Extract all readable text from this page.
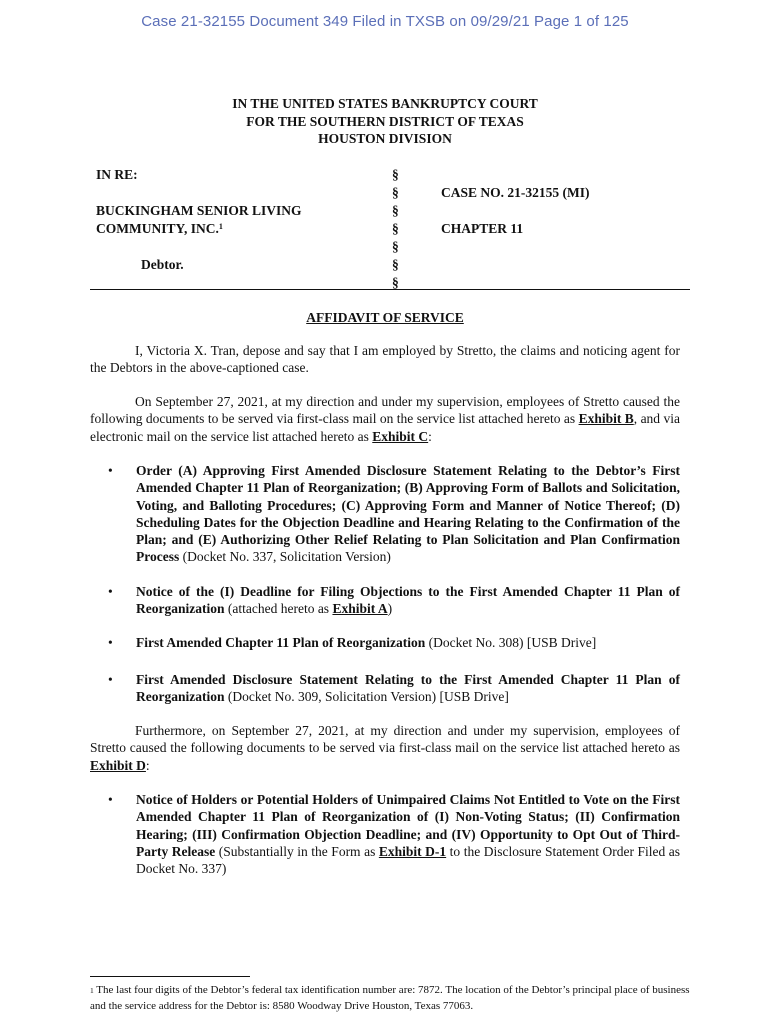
Case 21-32155 Document 349 Filed in TXSB on 09/29/21 Page 1 of 125
IN THE UNITED STATES BANKRUPTCY COURT
FOR THE SOUTHERN DISTRICT OF TEXAS
HOUSTON DIVISION
IN RE:
BUCKINGHAM SENIOR LIVING
COMMUNITY, INC.$^1$
Debtor.
§
§
§
§
§
§
§
CASE NO. 21-32155 (MI)
CHAPTER 11
AFFIDAVIT OF SERVICE
I, Victoria X. Tran, depose and say that I am employed by Stretto, the claims and noticing agent for the Debtors in the above-captioned case.
On September 27, 2021, at my direction and under my supervision, employees of Stretto caused the following documents to be served via first-class mail on the service list attached hereto as Exhibit B, and via electronic mail on the service list attached hereto as Exhibit C:
• Order (A) Approving First Amended Disclosure Statement Relating to the Debtor’s First Amended Chapter 11 Plan of Reorganization; (B) Approving Form of Ballots and Solicitation, Voting, and Balloting Procedures; (C) Approving Form and Manner of Notice Thereof; (D) Scheduling Dates for the Objection Deadline and Hearing Relating to the Confirmation of the Plan; and (E) Authorizing Other Relief Relating to Plan Solicitation and Plan Confirmation Process (Docket No. 337, Solicitation Version)
• Notice of the (I) Deadline for Filing Objections to the First Amended Chapter 11 Plan of Reorganization (attached hereto as Exhibit A)
• First Amended Chapter 11 Plan of Reorganization (Docket No. 308) [USB Drive]
• First Amended Disclosure Statement Relating to the First Amended Chapter 11 Plan of Reorganization (Docket No. 309, Solicitation Version) [USB Drive]
Furthermore, on September 27, 2021, at my direction and under my supervision, employees of Stretto caused the following documents to be served via first-class mail on the service list attached hereto as Exhibit D:
• Notice of Holders or Potential Holders of Unimpaired Claims Not Entitled to Vote on the First Amended Chapter 11 Plan of Reorganization of (I) Non-Voting Status; (II) Confirmation Hearing; (III) Confirmation Objection Deadline; and (IV) Opportunity to Opt Out of Third-Party Release (Substantially in the Form as Exhibit D-1 to the Disclosure Statement Order Filed as Docket No. 337)
$^1$ The last four digits of the Debtor’s federal tax identification number are: 7872. The location of the Debtor’s principal place of business and the service address for the Debtor is: 8580 Woodway Drive Houston, Texas 77063.
